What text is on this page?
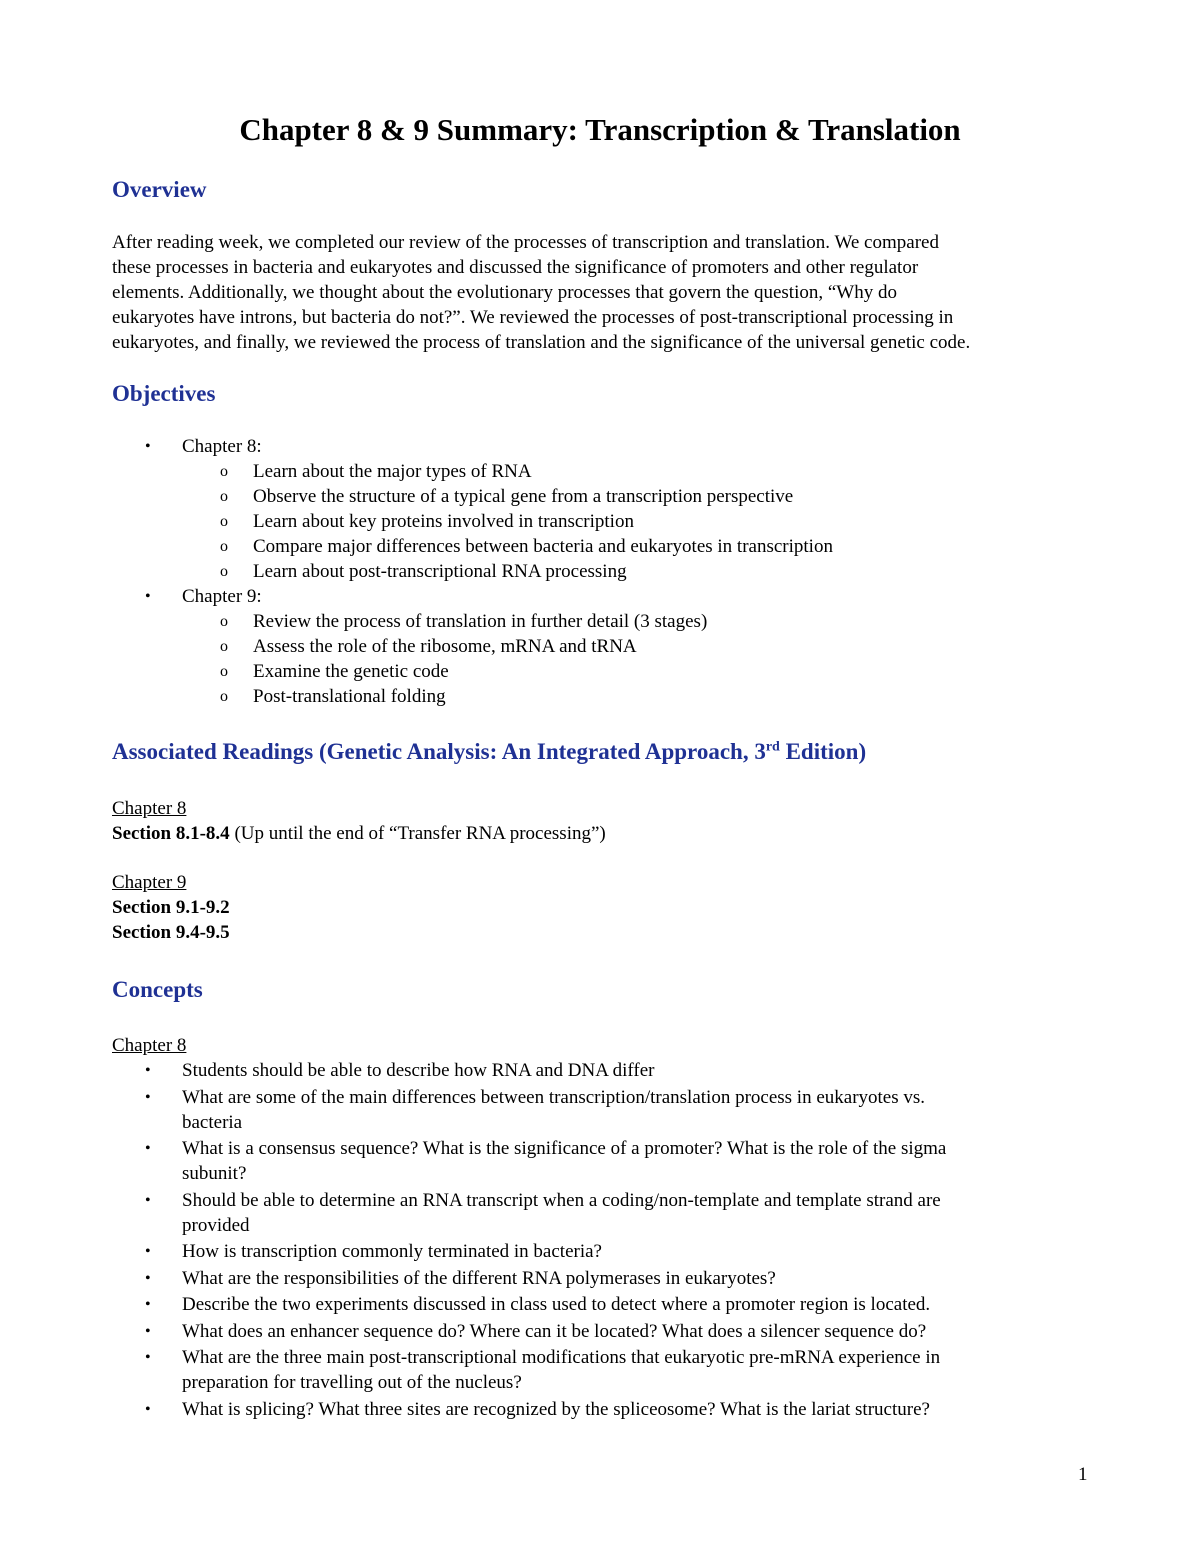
Chapter 8 & 9 Summary: Transcription & Translation
Overview
After reading week, we completed our review of the processes of transcription and translation. We compared
these processes in bacteria and eukaryotes and discussed the significance of promoters and other regulator
elements. Additionally, we thought about the evolutionary processes that govern the question, “Why do
eukaryotes have introns, but bacteria do not?”. We reviewed the processes of post-transcriptional processing in
eukaryotes, and finally, we reviewed the process of translation and the significance of the universal genetic code.
Objectives
• Chapter 8:
o Learn about the major types of RNA
o Observe the structure of a typical gene from a transcription perspective
o Learn about key proteins involved in transcription
o Compare major differences between bacteria and eukaryotes in transcription
o Learn about post-transcriptional RNA processing
• Chapter 9:
o Review the process of translation in further detail (3 stages)
o Assess the role of the ribosome, mRNA and tRNA
o Examine the genetic code
o Post-translational folding
Associated Readings (Genetic Analysis: An Integrated Approach, 3rd Edition)
Chapter 8
Section 8.1-8.4 (Up until the end of “Transfer RNA processing”)
Chapter 9
Section 9.1-9.2
Section 9.4-9.5
Concepts
Chapter 8
• Students should be able to describe how RNA and DNA differ
• What are some of the main differences between transcription/translation process in eukaryotes vs.
bacteria
• What is a consensus sequence? What is the significance of a promoter? What is the role of the sigma
subunit?
• Should be able to determine an RNA transcript when a coding/non-template and template strand are
provided
• How is transcription commonly terminated in bacteria?
• What are the responsibilities of the different RNA polymerases in eukaryotes?
• Describe the two experiments discussed in class used to detect where a promoter region is located.
• What does an enhancer sequence do? Where can it be located? What does a silencer sequence do?
• What are the three main post-transcriptional modifications that eukaryotic pre-mRNA experience in
preparation for travelling out of the nucleus?
• What is splicing? What three sites are recognized by the spliceosome? What is the lariat structure?
1
